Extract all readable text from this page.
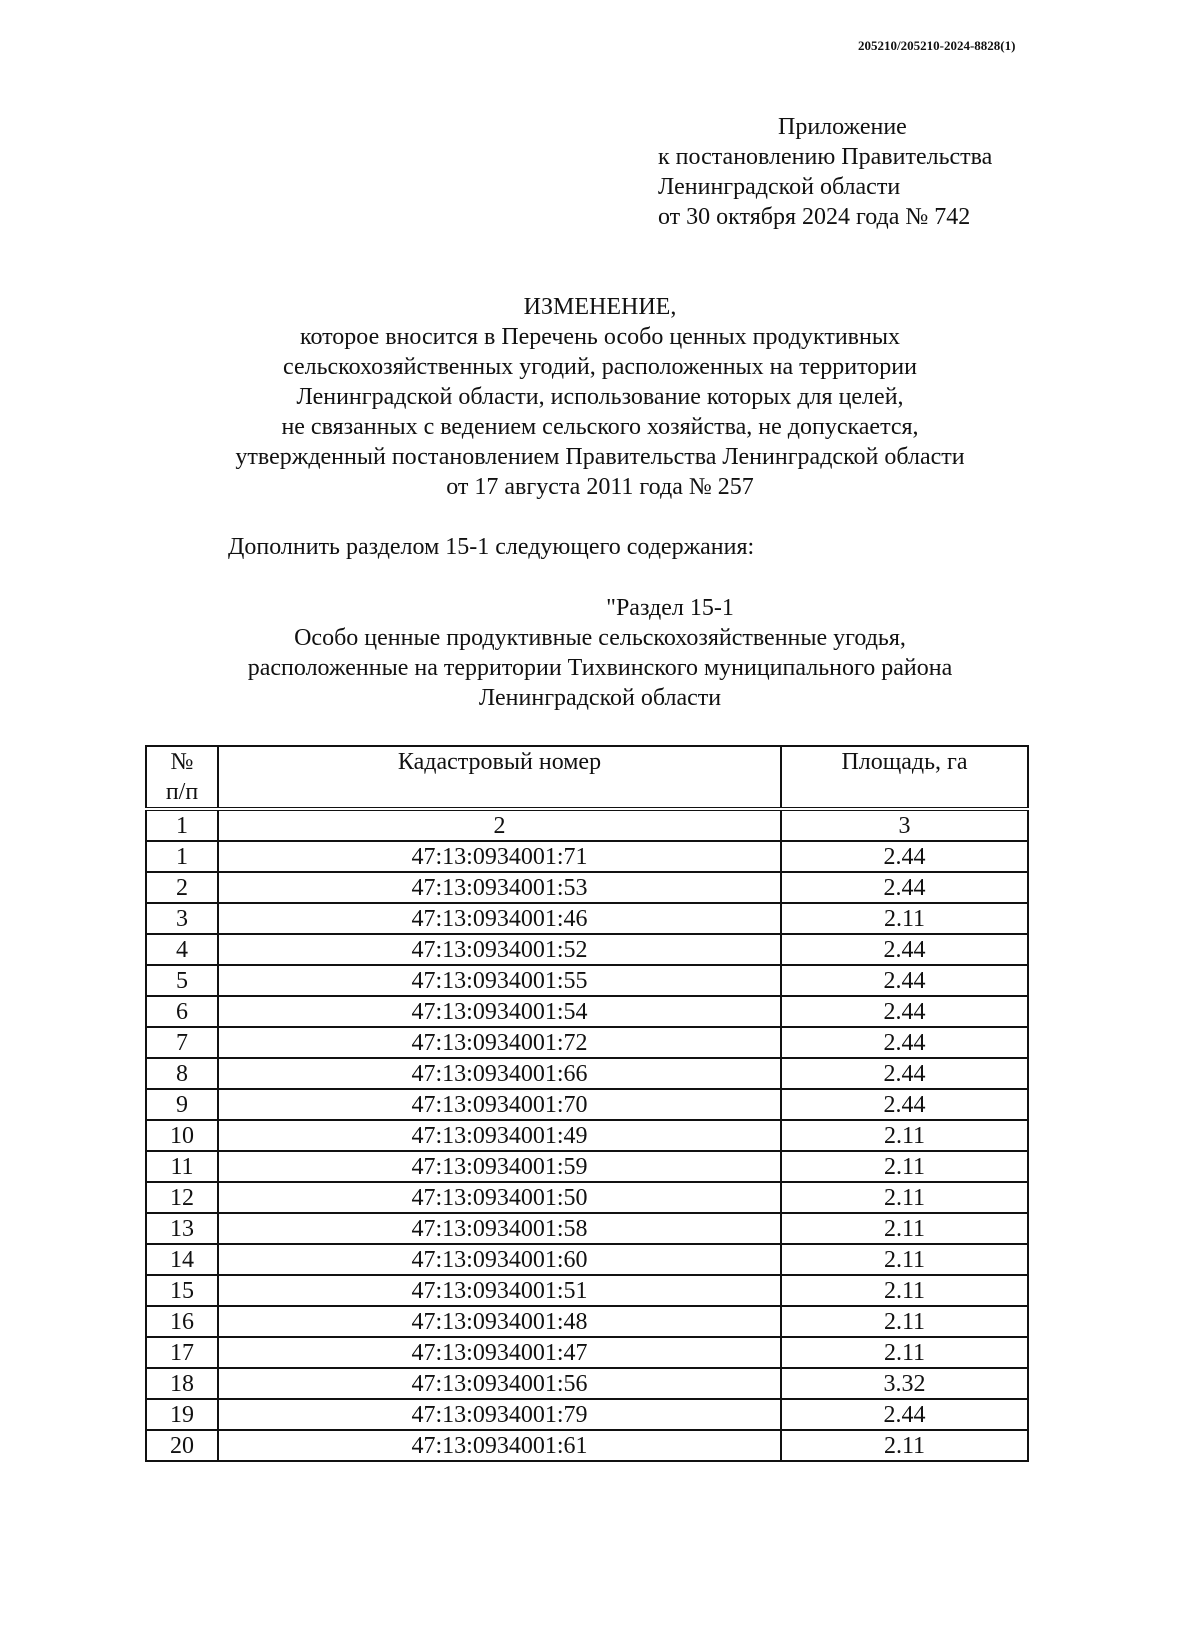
205210/205210-2024-8828(1)
Приложение
к постановлению Правительства
Ленинградской области
от 30 октября 2024 года № 742
ИЗМЕНЕНИЕ,
которое вносится в Перечень особо ценных продуктивных
сельскохозяйственных угодий, расположенных на территории
Ленинградской области, использование которых для целей,
не связанных с ведением сельского хозяйства, не допускается,
утвержденный постановлением Правительства Ленинградской области
от 17 августа 2011 года № 257
Дополнить разделом 15-1 следующего содержания:
"Раздел 15-1
Особо ценные продуктивные сельскохозяйственные угодья,
расположенные на территории Тихвинского муниципального района
Ленинградской области
№
п/п	Кадастровый номер	Площадь, га
1	2	3
1	47:13:0934001:71	2.44
2	47:13:0934001:53	2.44
3	47:13:0934001:46	2.11
4	47:13:0934001:52	2.44
5	47:13:0934001:55	2.44
6	47:13:0934001:54	2.44
7	47:13:0934001:72	2.44
8	47:13:0934001:66	2.44
9	47:13:0934001:70	2.44
10	47:13:0934001:49	2.11
11	47:13:0934001:59	2.11
12	47:13:0934001:50	2.11
13	47:13:0934001:58	2.11
14	47:13:0934001:60	2.11
15	47:13:0934001:51	2.11
16	47:13:0934001:48	2.11
17	47:13:0934001:47	2.11
18	47:13:0934001:56	3.32
19	47:13:0934001:79	2.44
20	47:13:0934001:61	2.11
